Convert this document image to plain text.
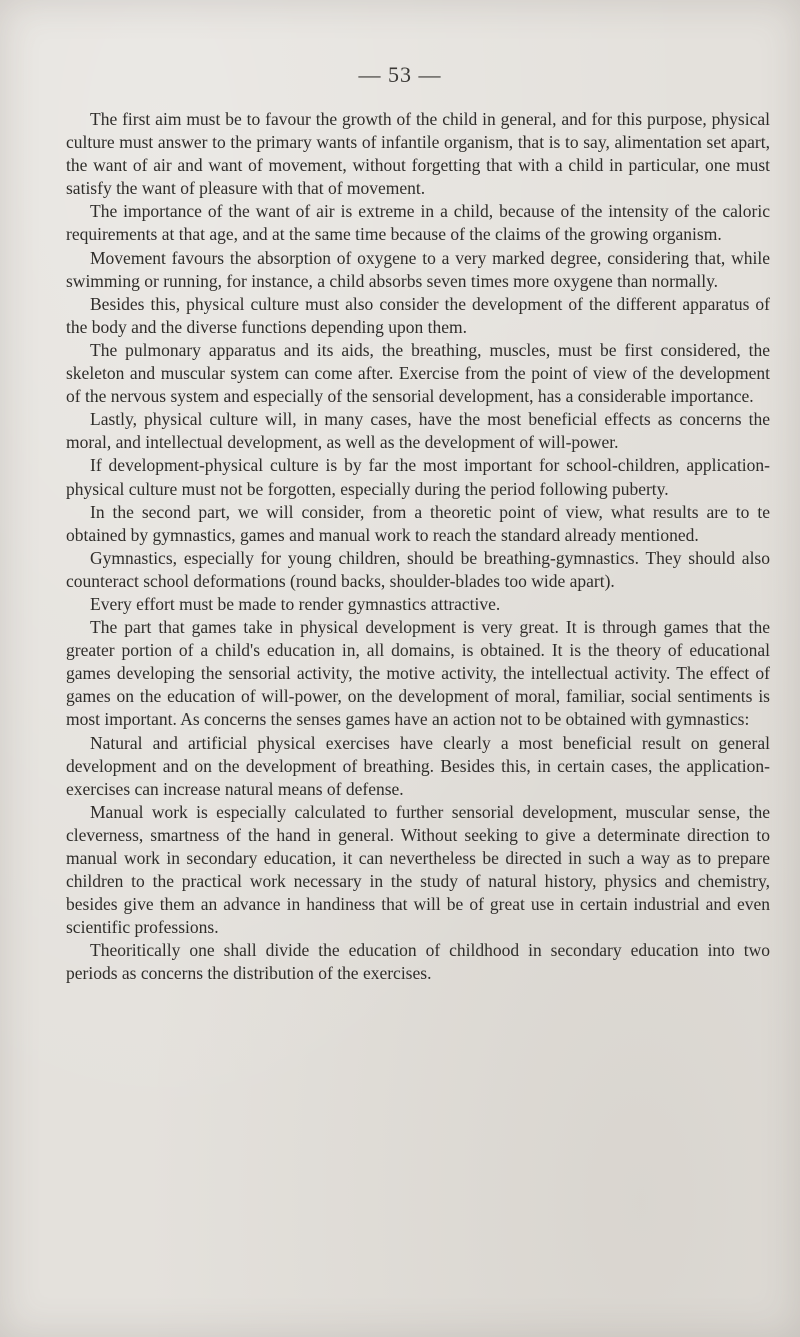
— 53 —

The first aim must be to favour the growth of the child in general, and for this purpose, physical culture must answer to the primary wants of infantile organism, that is to say, alimentation set apart, the want of air and want of movement, without forgetting that with a child in particular, one must satisfy the want of pleasure with that of movement.

The importance of the want of air is extreme in a child, because of the intensity of the caloric requirements at that age, and at the same time because of the claims of the growing organism.

Movement favours the absorption of oxygene to a very marked degree, considering that, while swimming or running, for instance, a child absorbs seven times more oxygene than normally.

Besides this, physical culture must also consider the development of the different apparatus of the body and the diverse functions depending upon them.

The pulmonary apparatus and its aids, the breathing, muscles, must be first considered, the skeleton and muscular system can come after. Exercise from the point of view of the development of the nervous system and especially of the sensorial development, has a considerable importance.

Lastly, physical culture will, in many cases, have the most beneficial effects as concerns the moral, and intellectual development, as well as the development of will-power.

If development-physical culture is by far the most important for school-children, application-physical culture must not be forgotten, especially during the period following puberty.

In the second part, we will consider, from a theoretic point of view, what results are to te obtained by gymnastics, games and manual work to reach the standard already mentioned.

Gymnastics, especially for young children, should be breathing-gymnastics. They should also counteract school deformations (round backs, shoulder-blades too wide apart).

Every effort must be made to render gymnastics attractive.

The part that games take in physical development is very great. It is through games that the greater portion of a child's education in, all domains, is obtained. It is the theory of educational games developing the sensorial activity, the motive activity, the intellectual activity. The effect of games on the education of will-power, on the development of moral, familiar, social sentiments is most important. As concerns the senses games have an action not to be obtained with gymnastics:

Natural and artificial physical exercises have clearly a most beneficial result on general development and on the development of breathing. Besides this, in certain cases, the application-exercises can increase natural means of defense.

Manual work is especially calculated to further sensorial development, muscular sense, the cleverness, smartness of the hand in general. Without seeking to give a determinate direction to manual work in secondary education, it can nevertheless be directed in such a way as to prepare children to the practical work necessary in the study of natural history, physics and chemistry, besides give them an advance in handiness that will be of great use in certain industrial and even scientific professions.

Theoritically one shall divide the education of childhood in secondary education into two periods as concerns the distribution of the exercises.
